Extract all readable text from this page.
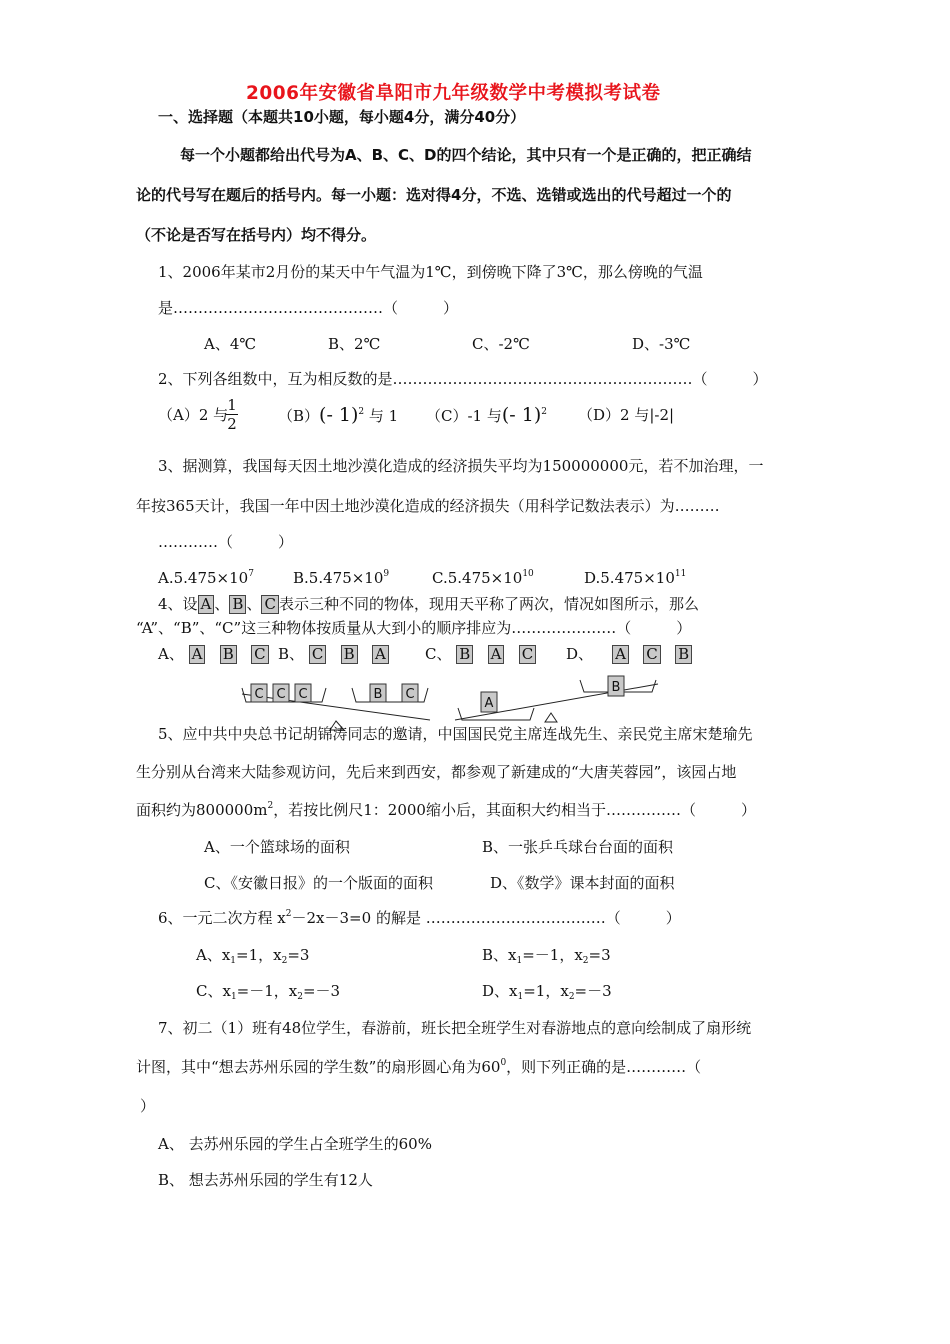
2006年安徽省阜阳市九年级数学中考模拟考试卷
一、选择题（本题共10小题，每小题4分，满分40分）
每一个小题都给出代号为A、B、C、D的四个结论，其中只有一个是正确的，把正确结
论的代号写在题后的括号内。每一小题：选对得4分，不选、选错或选出的代号超过一个的
（不论是否写在括号内）均不得分。
1、2006年某市2月份的某天中午气温为1℃，到傍晚下降了3℃，那么傍晚的气温
是……………………………………（　　　）
A、4℃	B、2℃	C、-2℃	D、-3℃
2、下列各组数中，互为相反数的是……………………………………………………（　　　）
（A）2 与
1
2	（B）(- 1)$^2$ 与 1 （C）-1 与(- 1)$^2$ （D）2 与|-2|
3、据测算，我国每天因土地沙漠化造成的经济损失平均为150000000元，若不加治理，一
年按365天计，我国一年中因土地沙漠化造成的经济损失（用科学记数法表示）为………
…………（　　　）
$A.5.475\times 10^7$	$B.5.475\times 10^9$	$C.5.475\times 10^{10}$	$D.5.475\times 10^{11}$
4、设 A 、 B 、 C 表示三种不同的物体，现用天平称了两次，情况如图所示，那么
“A”、“B”、“C”这三种物体按质量从大到小的顺序排应为…………………（　　　）
A、 A B C B、 C B A	C、 B A C D、 A C B
C C C	B C
A
B
5、应中共中央总书记胡锦涛同志的邀请，中国国民党主席连战先生、亲民党主席宋楚瑜先
生分别从台湾来大陆参观访问，先后来到西安，都参观了新建成的“大唐芙蓉园”，该园占地
面积约为$800000m^2$，若按比例尺1：2000缩小后，其面积大约相当于……………（　　　）
A、一个篮球场的面积	B、一张乒乓球台台面的面积
C、《安徽日报》的一个版面的面积	D、《数学》课本封面的面积
6、一元二次方程 $x^2-2x-3=0$ 的解是 ………………………………（　　　）
A、$x_1=1$，$x_2=3$	B、$x_1=-1$，$x_2=3$
C、$x_1=-1$，$x_2=-3$	D、$x_1=1$，$x_2=-3$
7、初二（1）班有48位学生，春游前，班长把全班学生对春游地点的意向绘制成了扇形统
计图，其中“想去苏州乐园的学生数”的扇形圆心角为$60^0$，则下列正确的是…………（
）
A、 去苏州乐园的学生占全班学生的60%
B、 想去苏州乐园的学生有12人
